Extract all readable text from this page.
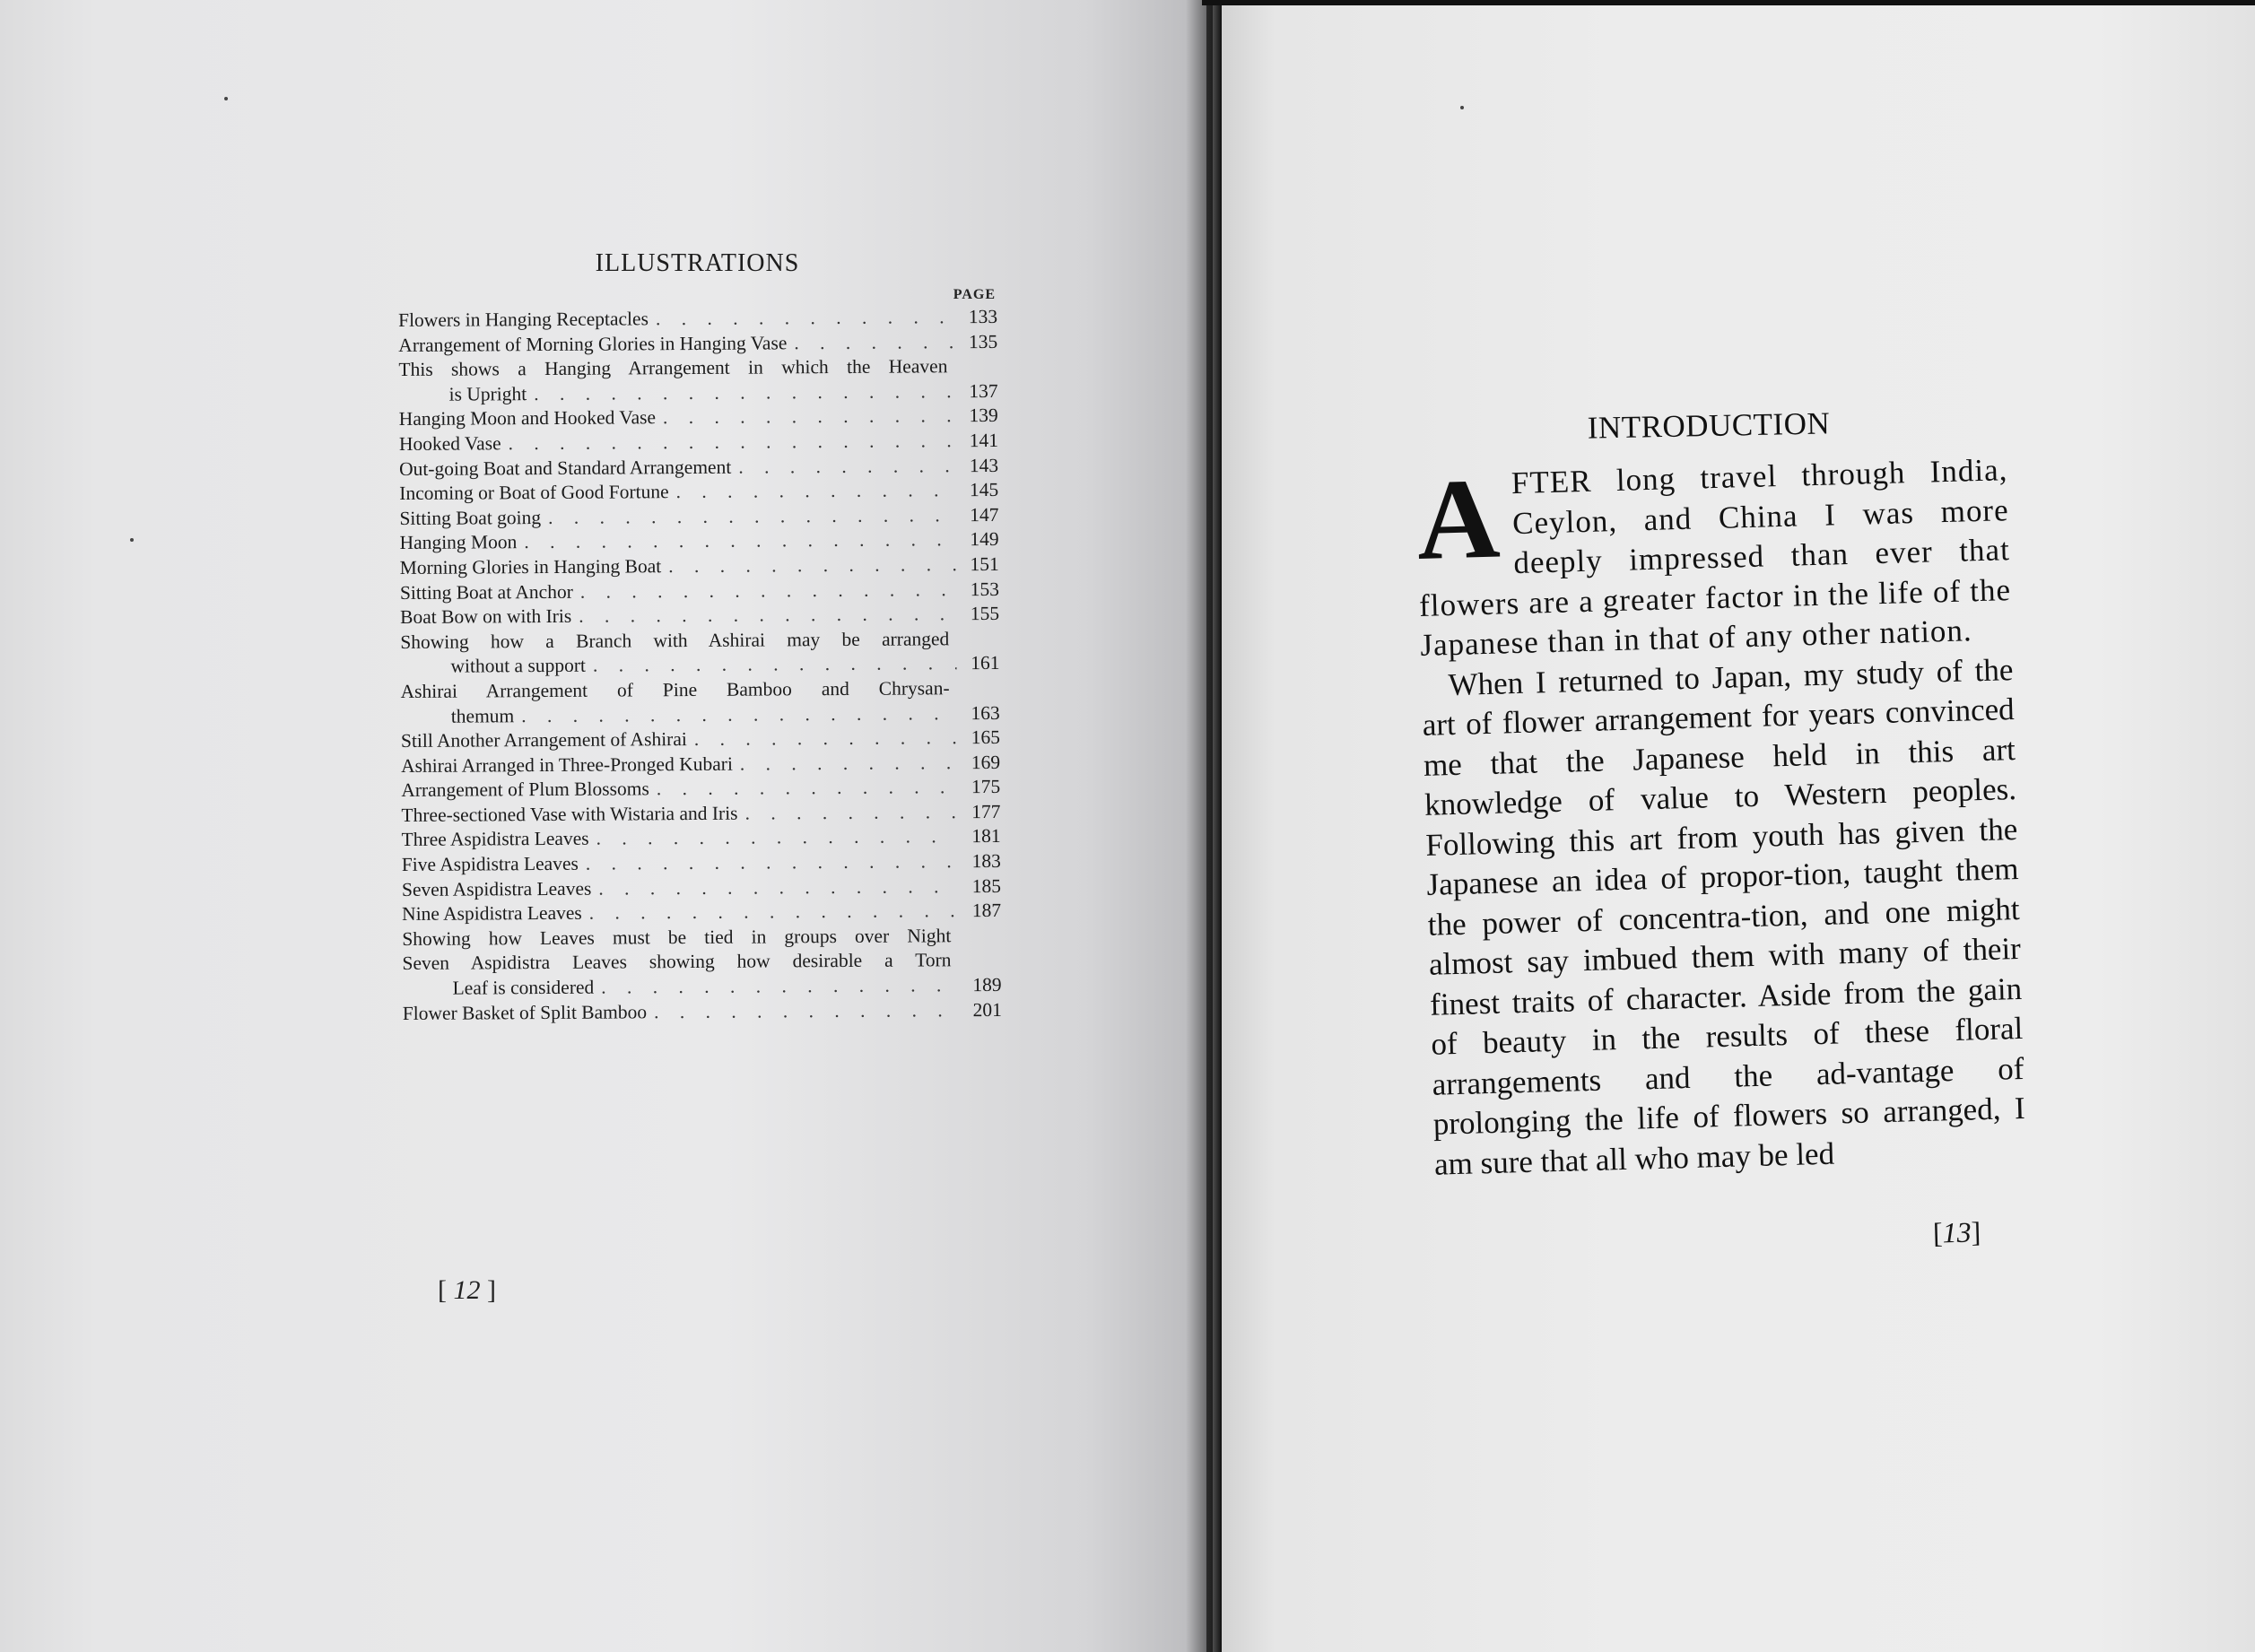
ILLUSTRATIONS
PAGE
Flowers in Hanging Receptacles . . .	133
Arrangement of Morning Glories in Hanging Vase . . .	135
This shows a Hanging Arrangement in which the Heaven
is Upright . . .	137
Hanging Moon and Hooked Vase . . .	139
Hooked Vase . . .	141
Out-going Boat and Standard Arrangement . . .	143
Incoming or Boat of Good Fortune . . .	145
Sitting Boat going . . .	147
Hanging Moon . . .	149
Morning Glories in Hanging Boat . . .	151
Sitting Boat at Anchor . . .	153
Boat Bow on with Iris . . .	155
Showing how a Branch with Ashirai may be arranged
without a support . . .	161
Ashirai Arrangement of Pine Bamboo and Chrysan-
themum . . .	163
Still Another Arrangement of Ashirai . . .	165
Ashirai Arranged in Three-Pronged Kubari . . .	169
Arrangement of Plum Blossoms . . .	175
Three-sectioned Vase with Wistaria and Iris . . .	177
Three Aspidistra Leaves . . .	181
Five Aspidistra Leaves . . .	183
Seven Aspidistra Leaves . . .	185
Nine Aspidistra Leaves . . .	187
Showing how Leaves must be tied in groups over Night
Seven Aspidistra Leaves showing how desirable a Torn
Leaf is considered . . .	189
Flower Basket of Split Bamboo . . .	201
[ 12 ]
INTRODUCTION

AFTER long travel through India, Ceylon, and China I was more deeply impressed than ever that flowers are a greater factor in the life of the Japanese than in that of any other nation.

When I returned to Japan, my study of the art of flower arrangement for years convinced me that the Japanese held in this art knowledge of value to Western peoples. Following this art from youth has given the Japanese an idea of propor-tion, taught them the power of concentra-tion, and one might almost say imbued them with many of their finest traits of character. Aside from the gain of beauty in the results of these floral arrangements and the ad-vantage of prolonging the life of flowers so arranged, I am sure that all who may be led

[13]
